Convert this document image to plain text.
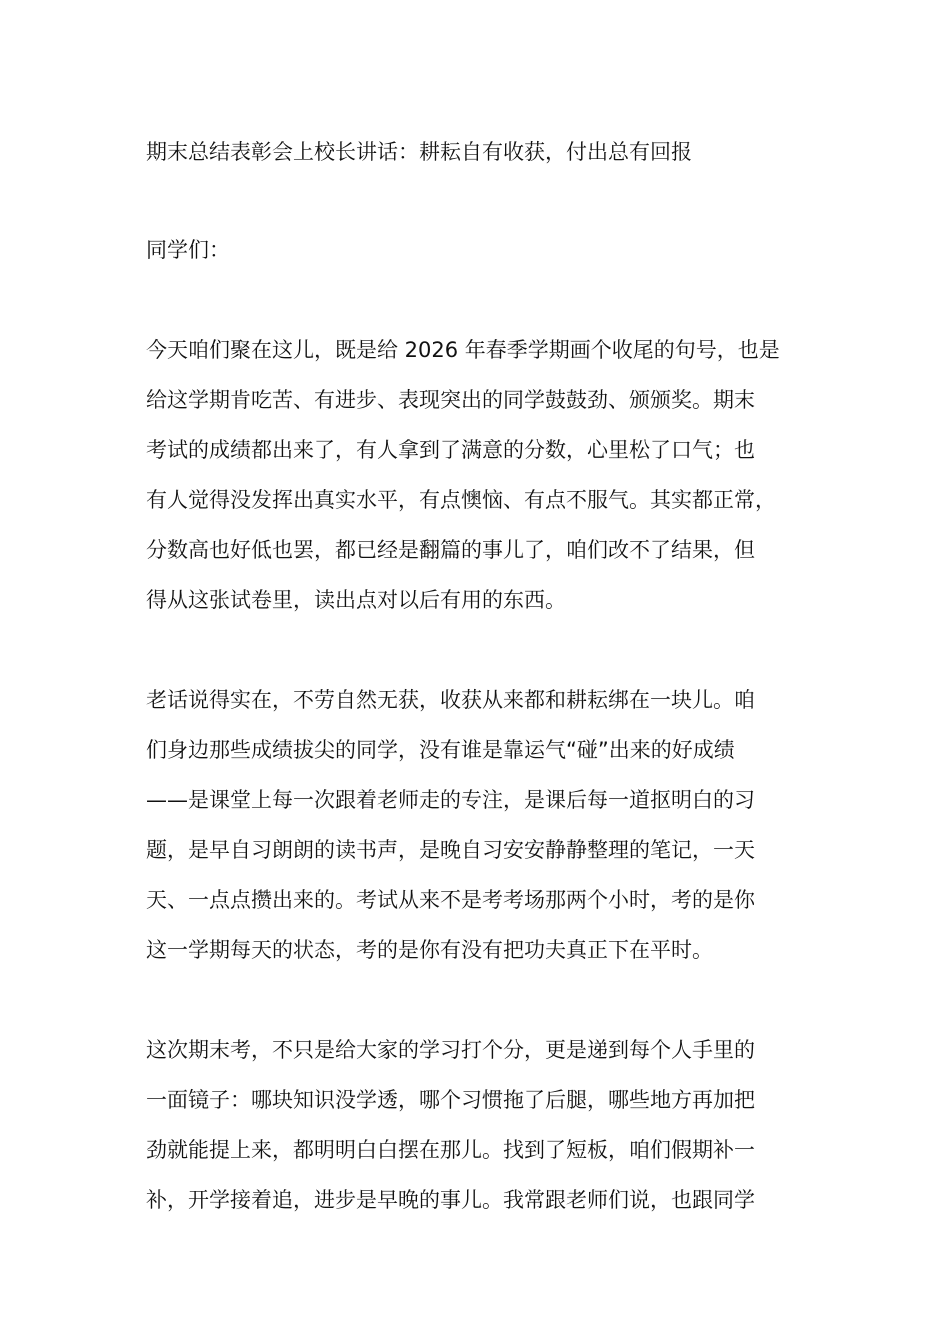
期末总结表彰会上校长讲话：耕耘自有收获，付出总有回报
同学们：
今天咱们聚在这儿，既是给 2026 年春季学期画个收尾的句号，也是
给这学期肯吃苦、有进步、表现突出的同学鼓鼓劲、颁颁奖。期末
考试的成绩都出来了，有人拿到了满意的分数，心里松了口气；也
有人觉得没发挥出真实水平，有点懊恼、有点不服气。其实都正常，
分数高也好低也罢，都已经是翻篇的事儿了，咱们改不了结果，但
得从这张试卷里，读出点对以后有用的东西。
老话说得实在，不劳自然无获，收获从来都和耕耘绑在一块儿。咱
们身边那些成绩拔尖的同学，没有谁是靠运气“碰”出来的好成绩
——是课堂上每一次跟着老师走的专注，是课后每一道抠明白的习
题，是早自习朗朗的读书声，是晚自习安安静静整理的笔记，一天
天、一点点攒出来的。考试从来不是考考场那两个小时，考的是你
这一学期每天的状态，考的是你有没有把功夫真正下在平时。
这次期末考，不只是给大家的学习打个分，更是递到每个人手里的
一面镜子：哪块知识没学透，哪个习惯拖了后腿，哪些地方再加把
劲就能提上来，都明明白白摆在那儿。找到了短板，咱们假期补一
补，开学接着追，进步是早晚的事儿。我常跟老师们说，也跟同学
